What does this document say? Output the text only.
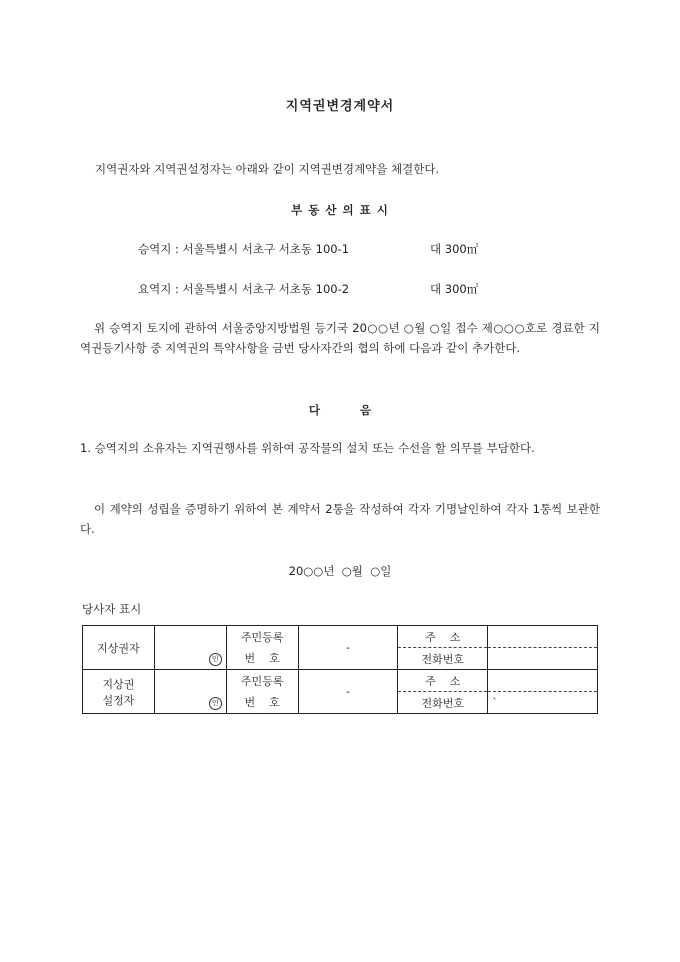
지역권변경계약서
지역권자와 지역권설정자는 아래와 같이 지역권변경계약을 체결한다.
부 동 산 의 표 시
승역지 : 서울특별시 서초구 서초동 100-1	대 300㎡
요역지 : 서울특별시 서초구 서초동 100-2	대 300㎡
위 승역지 토지에 관하여 서울중앙지방법원 등기국 20○○년 ○월 ○일 접수 제○○○호로 경료한 지역권등기사항 중 지역권의 특약사항을 금번 당사자간의 협의 하에 다음과 같이 추가한다.
다          음
1. 승역지의 소유자는 지역권행사를 위하여 공작물의 설치 또는 수선을 할 의무를 부담한다.
이 계약의 성립을 증명하기 위하여 본 계약서 2통을 작성하여 각자 기명날인하여 각자 1통씩 보관한다.
20○○년  ○월  ○일
당사자 표시
지상권자	인	주민등록	-	주    소	
		번    호		전화번호	
지상권
설정자	인	주민등록	-	주    소	
		번    호		전화번호	`
